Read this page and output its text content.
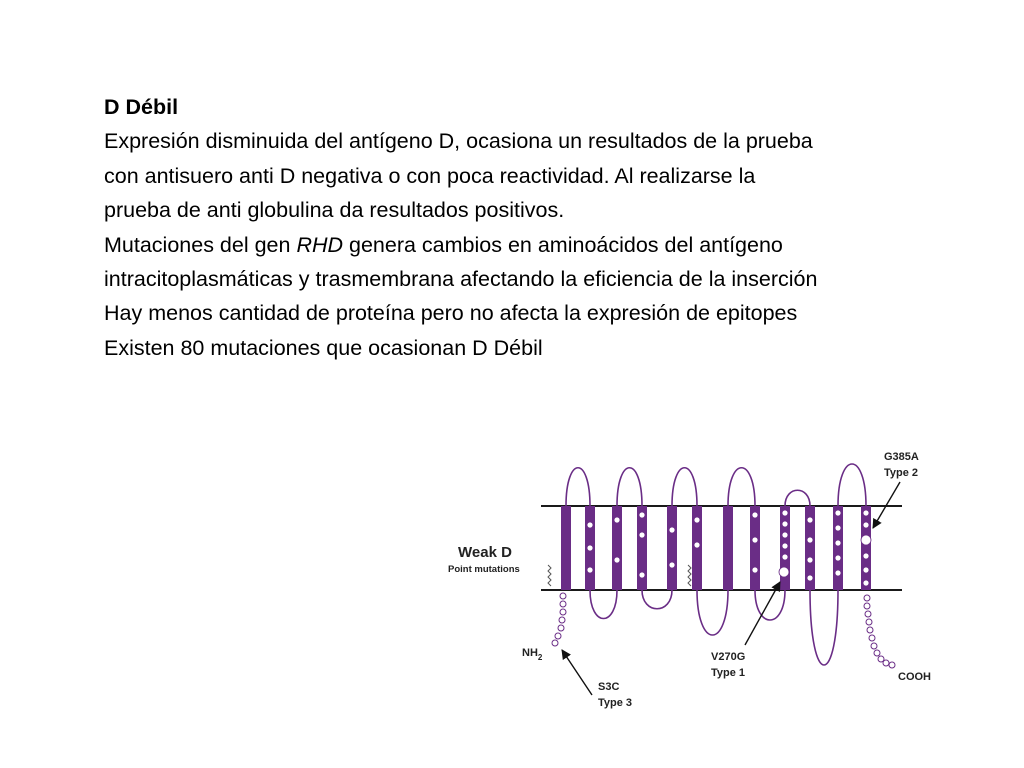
D Débil

Expresión disminuida del antígeno D, ocasiona un resultados de la prueba con antisuero anti D negativa o con poca reactividad. Al realizarse la prueba de anti globulina da resultados positivos.

Mutaciones del gen RHD genera cambios en aminoácidos del antígeno intracitoplasmáticas y trasmembrana afectando la eficiencia de la inserción

Hay menos cantidad de proteína pero no afecta la expresión de epitopes

Existen 80 mutaciones que ocasionan D Débil

Weak D
Point mutations
$NH_2$
COOH
G385A
Type 2
V270G
Type 1
S3C
Type 3
